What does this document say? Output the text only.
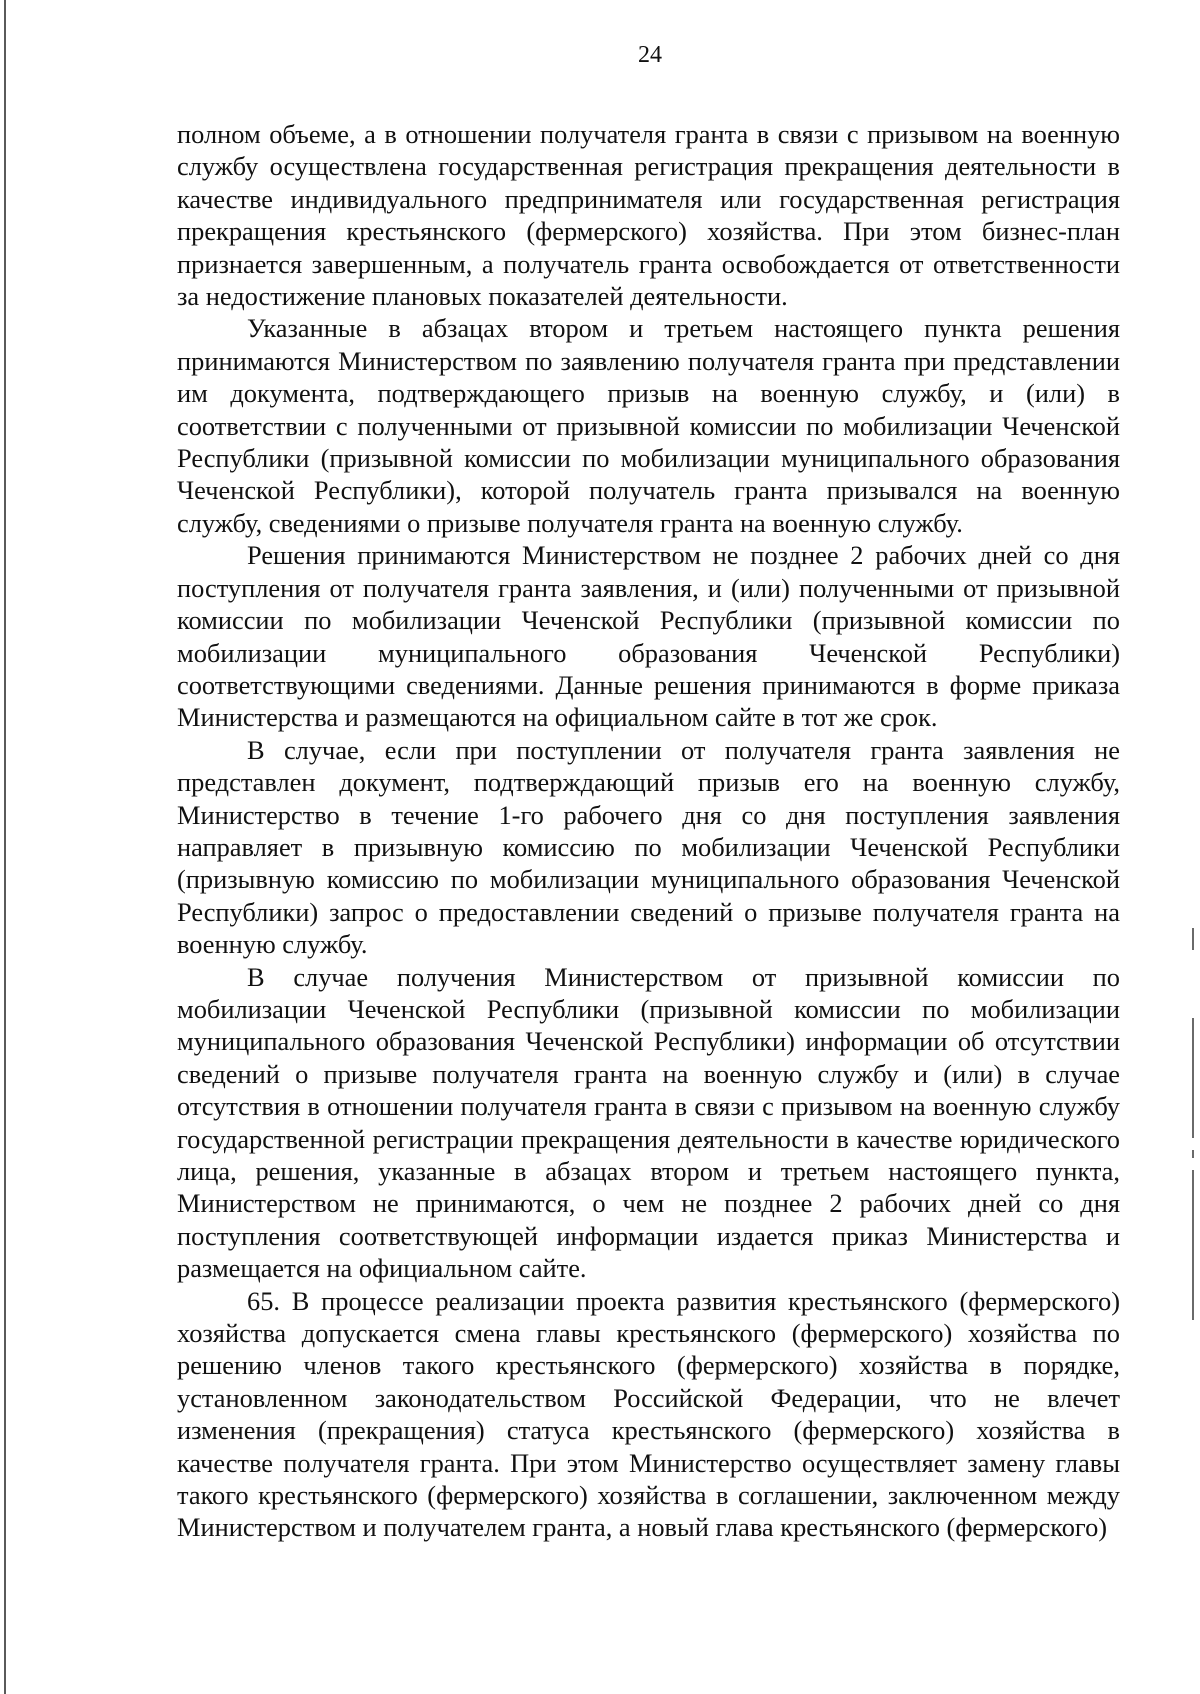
24

полном объеме, а в отношении получателя гранта в связи с призывом на военную службу осуществлена государственная регистрация прекращения деятельности в качестве индивидуального предпринимателя или государственная регистрация прекращения крестьянского (фермерского) хозяйства. При этом бизнес-план признается завершенным, а получатель гранта освобождается от ответственности за недостижение плановых показателей деятельности.

Указанные в абзацах втором и третьем настоящего пункта решения принимаются Министерством по заявлению получателя гранта при представлении им документа, подтверждающего призыв на военную службу, и (или) в соответствии с полученными от призывной комиссии по мобилизации Чеченской Республики (призывной комиссии по мобилизации муниципального образования Чеченской Республики), которой получатель гранта призывался на военную службу, сведениями о призыве получателя гранта на военную службу.

Решения принимаются Министерством не позднее 2 рабочих дней со дня поступления от получателя гранта заявления, и (или) полученными от призывной комиссии по мобилизации Чеченской Республики (призывной комиссии по мобилизации муниципального образования Чеченской Республики) соответствующими сведениями. Данные решения принимаются в форме приказа Министерства и размещаются на официальном сайте в тот же срок.

В случае, если при поступлении от получателя гранта заявления не представлен документ, подтверждающий призыв его на военную службу, Министерство в течение 1-го рабочего дня со дня поступления заявления направляет в призывную комиссию по мобилизации Чеченской Республики (призывную комиссию по мобилизации муниципального образования Чеченской Республики) запрос о предоставлении сведений о призыве получателя гранта на военную службу.

В случае получения Министерством от призывной комиссии по мобилизации Чеченской Республики (призывной комиссии по мобилизации муниципального образования Чеченской Республики) информации об отсутствии сведений о призыве получателя гранта на военную службу и (или) в случае отсутствия в отношении получателя гранта в связи с призывом на военную службу государственной регистрации прекращения деятельности в качестве юридического лица, решения, указанные в абзацах втором и третьем настоящего пункта, Министерством не принимаются, о чем не позднее 2 рабочих дней со дня поступления соответствующей информации издается приказ Министерства и размещается на официальном сайте.

65. В процессе реализации проекта развития крестьянского (фермерского) хозяйства допускается смена главы крестьянского (фермерского) хозяйства по решению членов такого крестьянского (фермерского) хозяйства в порядке, установленном законодательством Российской Федерации, что не влечет изменения (прекращения) статуса крестьянского (фермерского) хозяйства в качестве получателя гранта. При этом Министерство осуществляет замену главы такого крестьянского (фермерского) хозяйства в соглашении, заключенном между Министерством и получателем гранта, а новый глава крестьянского (фермерского)
